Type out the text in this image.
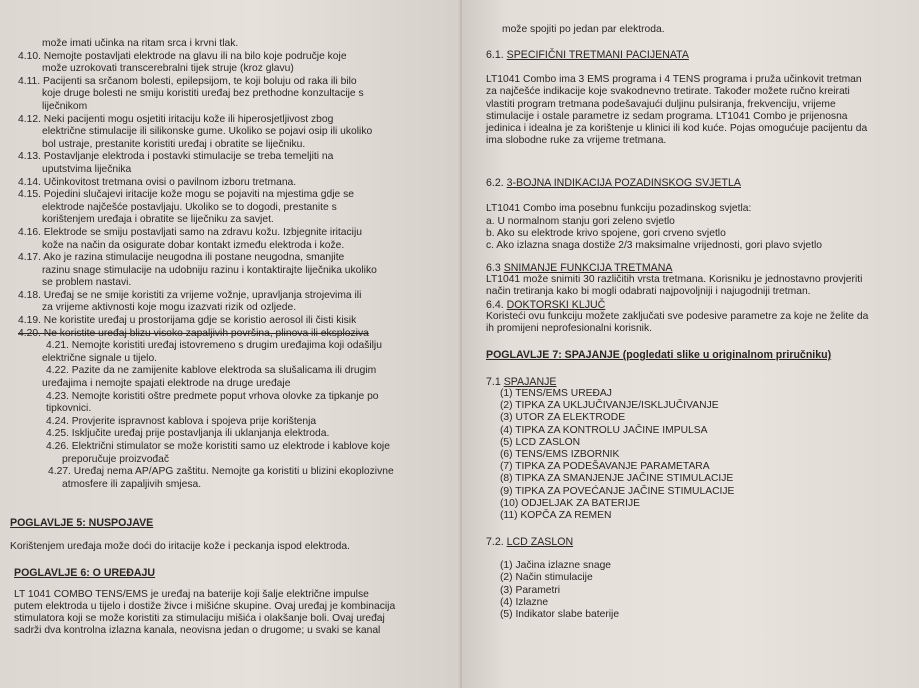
može imati učinka na ritam srca i krvni tlak.
4.10. Nemojte postavljati elektrode na glavu ili na bilo koje područje koje
može uzrokovati transcerebralni tijek struje (kroz glavu)
4.11. Pacijenti sa srčanom bolesti, epilepsijom, te koji boluju od raka ili bilo
koje druge bolesti ne smiju koristiti uređaj bez prethodne konzultacije s
liječnikom
4.12. Neki pacijenti mogu osjetiti iritaciju kože ili hiperosjetljivost zbog
električne stimulacije ili silikonske gume. Ukoliko se pojavi osip ili ukoliko
bol ustraje, prestanite koristiti uređaj i obratite se liječniku.
4.13. Postavljanje elektroda i postavki stimulacije se treba temeljiti na
uputstvima liječnika
4.14. Učinkovitost tretmana ovisi o pavilnom izboru tretmana.
4.15. Pojedini slučajevi iritacije kože mogu se pojaviti na mjestima gdje se
elektrode najčešće postavljaju. Ukoliko se to dogodi, prestanite s
korištenjem uređaja i obratite se liječniku za savjet.
4.16. Elektrode se smiju postavljati samo na zdravu kožu. Izbjegnite iritaciju
kože na način da osigurate dobar kontakt između elektroda i kože.
4.17. Ako je razina stimulacije neugodna ili postane neugodna, smanjite
razinu snage stimulacije na udobniju razinu i kontaktirajte liječnika ukoliko
se problem nastavi.
4.18. Uređaj se ne smije koristiti za vrijeme vožnje, upravljanja strojevima ili
za vrijeme aktivnosti koje mogu izazvati rizik od ozljede.
4.19. Ne koristite uređaj u prostorijama gdje se koristio aerosol ili čisti kisik
4.20. Ne koristite uređaj blizu visoko zapaljivih površina, plinova ili eksploziva
4.21. Nemojte koristiti uređaj istovremeno s drugim uređajima koji odašilju
električne signale u tijelo.
4.22. Pazite da ne zamijenite kablove elektroda sa slušalicama ili drugim
uređajima i nemojte spajati elektrode na druge uređaje
4.23. Nemojte koristiti oštre predmete poput vrhova olovke za tipkanje po
tipkovnici.
4.24. Provjerite ispravnost kablova i spojeva prije korištenja
4.25. Isključite uređaj prije postavljanja ili uklanjanja elektroda.
4.26. Električni stimulator se može koristiti samo uz elektrode i kablove koje
preporučuje proizvođač
4.27. Uređaj nema AP/APG zaštitu. Nemojte ga koristiti u blizini ekoplozivne
atmosfere ili zapaljivih smjesa.
POGLAVLJE 5: NUSPOJAVE
Korištenjem uređaja može doći do iritacije kože i peckanja ispod elektroda.
POGLAVLJE 6: O UREĐAJU
LT 1041 COMBO TENS/EMS je uređaj na baterije koji šalje električne impulse
putem elektroda u tijelo i dostiže živce i mišićne skupine. Ovaj uređaj je kombinacija
stimulatora koji se može koristiti za stimulaciju mišića i olakšanje boli. Ovaj uređaj
sadrži dva kontrolna izlazna kanala, neovisna jedan o drugome; u svaki se kanal
može spojiti po jedan par elektroda.
6.1. SPECIFIČNI TRETMANI PACIJENATA
LT1041 Combo ima 3 EMS programa i 4 TENS programa i pruža učinkovit tretman
za najčešće indikacije koje svakodnevno tretirate. Također možete ručno kreirati
vlastiti program tretmana podešavajući duljinu pulsiranja, frekvenciju, vrijeme
stimulacije i ostale parametre iz sedam programa. LT1041 Combo je prijenosna
jedinica i idealna je za korištenje u klinici ili kod kuće. Pojas omogućuje pacijentu da
ima slobodne ruke za vrijeme tretmana.
6.2. 3-BOJNA INDIKACIJA POZADINSKOG SVJETLA
LT1041 Combo ima posebnu funkciju pozadinskog svjetla:
a. U normalnom stanju gori zeleno svjetlo
b. Ako su elektrode krivo spojene, gori crveno svjetlo
c. Ako izlazna snaga dostiže 2/3 maksimalne vrijednosti, gori plavo svjetlo
6.3 SNIMANJE FUNKCIJA TRETMANA
LT1041 može snimiti 30 različitih vrsta tretmana. Korisniku je jednostavno provjeriti
način tretiranja kako bi mogli odabrati najpovoljniji i najugodniji tretman.
6.4. DOKTORSKI KLJUČ
Koristeći ovu funkciju možete zaključati sve podesive parametre za koje ne želite da
ih promijeni neprofesionalni korisnik.
POGLAVLJE 7: SPAJANJE (pogledati slike u originalnom priručniku)
7.1 SPAJANJE
(1) TENS/EMS UREĐAJ
(2) TIPKA ZA UKLJUČIVANJE/ISKLJUČIVANJE
(3) UTOR ZA ELEKTRODE
(4) TIPKA ZA KONTROLU JAČINE IMPULSA
(5) LCD ZASLON
(6) TENS/EMS IZBORNIK
(7) TIPKA ZA PODEŠAVANJE PARAMETARA
(8) TIPKA ZA SMANJENJE JAČINE STIMULACIJE
(9) TIPKA ZA POVEĆANJE JAČINE STIMULACIJE
(10) ODJELJAK ZA BATERIJE
(11) KOPČA ZA REMEN
7.2. LCD ZASLON
(1) Jačina izlazne snage
(2) Način stimulacije
(3) Parametri
(4) Izlazne
(5) Indikator slabe baterije
